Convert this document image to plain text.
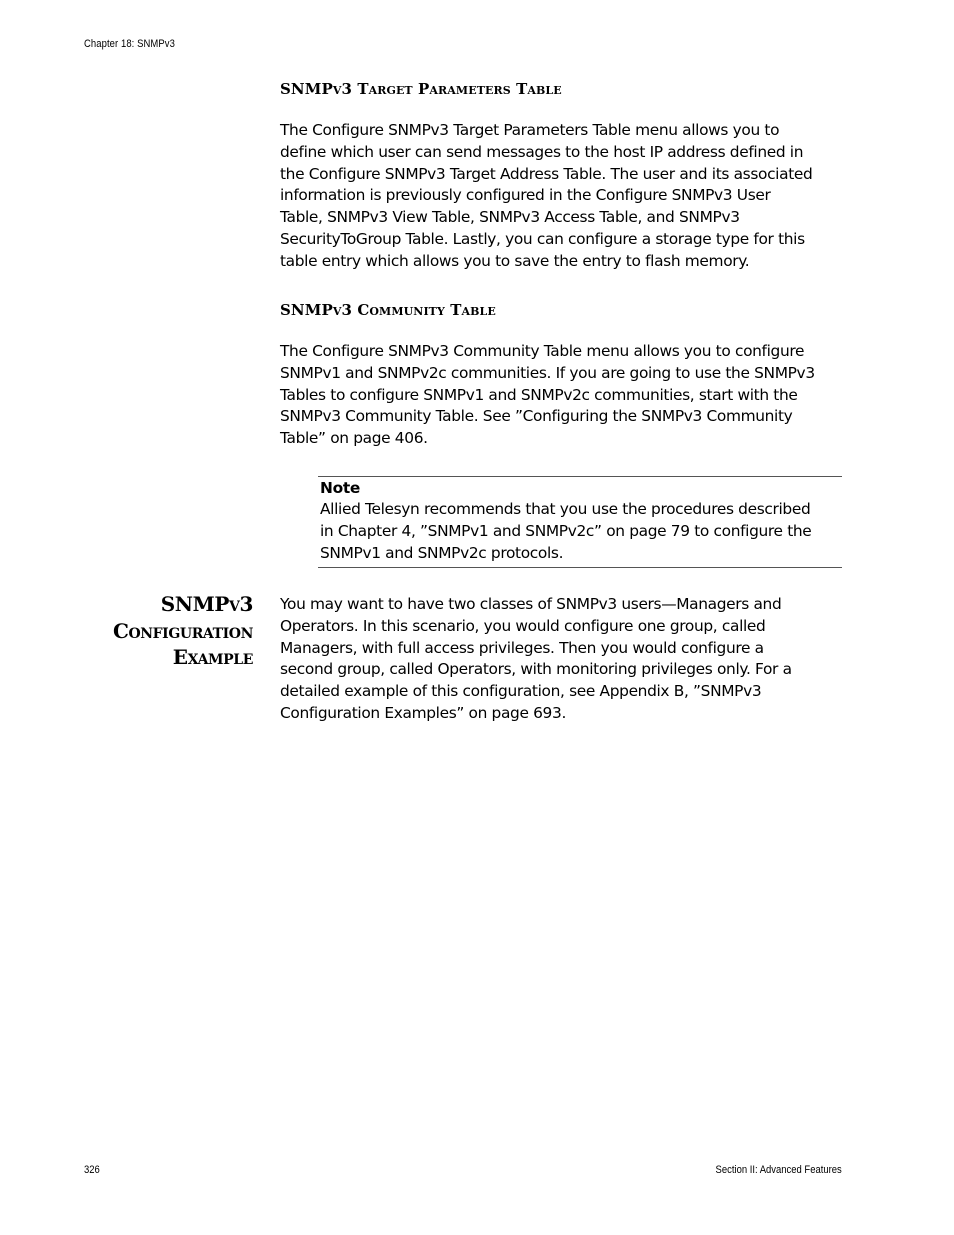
Chapter 18: SNMPv3
SNMPv3 Target Parameters Table

The Configure SNMPv3 Target Parameters Table menu allows you to
define which user can send messages to the host IP address defined in
the Configure SNMPv3 Target Address Table. The user and its associated
information is previously configured in the Configure SNMPv3 User
Table, SNMPv3 View Table, SNMPv3 Access Table, and SNMPv3
SecurityToGroup Table. Lastly, you can configure a storage type for this
table entry which allows you to save the entry to flash memory.

SNMPv3 Community Table

The Configure SNMPv3 Community Table menu allows you to configure
SNMPv1 and SNMPv2c communities. If you are going to use the SNMPv3
Tables to configure SNMPv1 and SNMPv2c communities, start with the
SNMPv3 Community Table. See ”Configuring the SNMPv3 Community
Table” on page 406.

Note

Allied Telesyn recommends that you use the procedures described
in Chapter 4, ”SNMPv1 and SNMPv2c” on page 79 to configure the
SNMPv1 and SNMPv2c protocols.

SNMPv3
Configuration
Example

You may want to have two classes of SNMPv3 users—Managers and
Operators. In this scenario, you would configure one group, called
Managers, with full access privileges. Then you would configure a
second group, called Operators, with monitoring privileges only. For a
detailed example of this configuration, see Appendix B, ”SNMPv3
Configuration Examples” on page 693.

326	Section II: Advanced Features
